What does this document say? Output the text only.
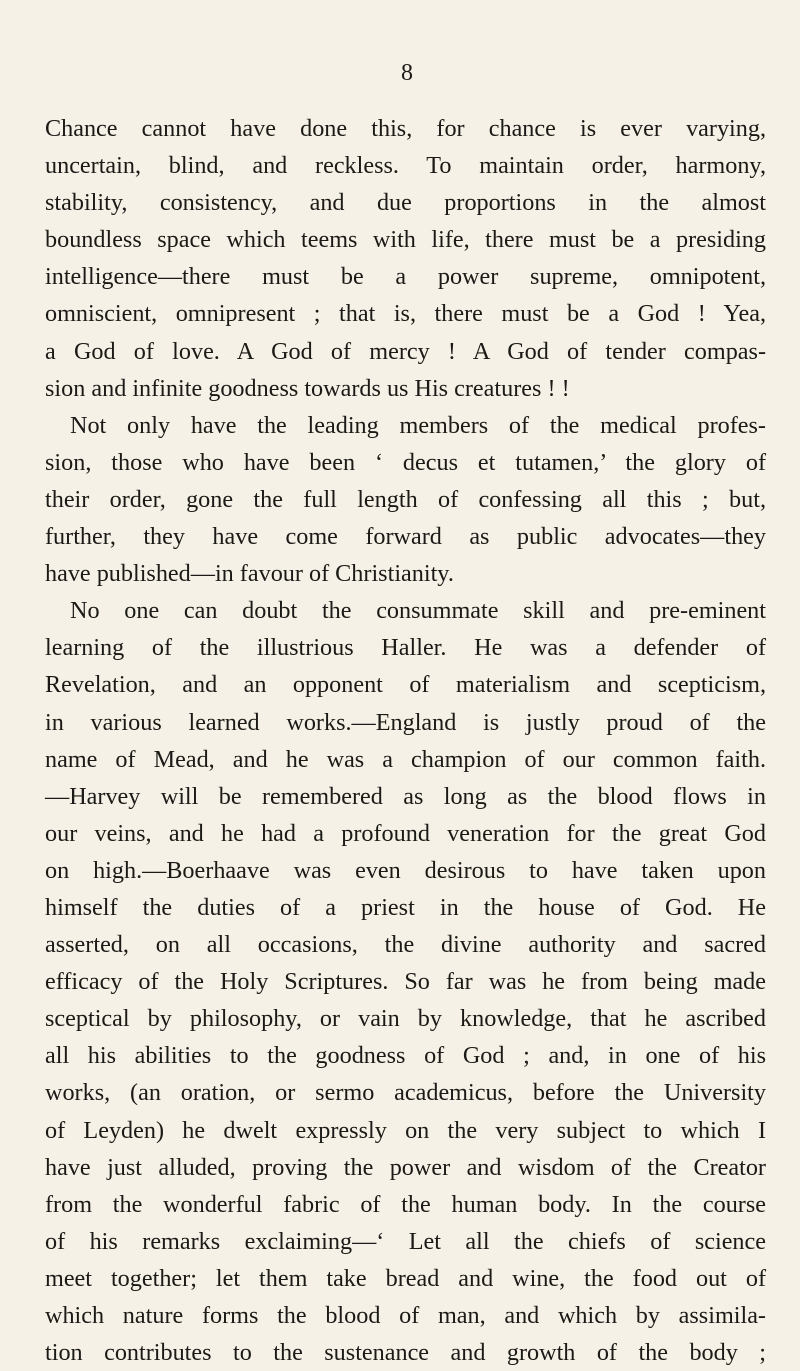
8
Chance cannot have done this, for chance is ever varying,
uncertain, blind, and reckless. To maintain order, harmony,
stability, consistency, and due proportions in the almost
boundless space which teems with life, there must be a presiding
intelligence—there must be a power supreme, omnipotent,
omniscient, omnipresent ; that is, there must be a God ! Yea,
a God of love. A God of mercy ! A God of tender compas-
sion and infinite goodness towards us His creatures ! !
Not only have the leading members of the medical profes-
sion, those who have been ‘ decus et tutamen,’ the glory of
their order, gone the full length of confessing all this ; but,
further, they have come forward as public advocates—they
have published—in favour of Christianity.
No one can doubt the consummate skill and pre-eminent
learning of the illustrious Haller. He was a defender of
Revelation, and an opponent of materialism and scepticism,
in various learned works.—England is justly proud of the
name of Mead, and he was a champion of our common faith.
—Harvey will be remembered as long as the blood flows in
our veins, and he had a profound veneration for the great God
on high.—Boerhaave was even desirous to have taken upon
himself the duties of a priest in the house of God. He
asserted, on all occasions, the divine authority and sacred
efficacy of the Holy Scriptures. So far was he from being made
sceptical by philosophy, or vain by knowledge, that he ascribed
all his abilities to the goodness of God ; and, in one of his
works, (an oration, or sermo academicus, before the University
of Leyden) he dwelt expressly on the very subject to which I
have just alluded, proving the power and wisdom of the Creator
from the wonderful fabric of the human body. In the course
of his remarks exclaiming—‘ Let all the chiefs of science
meet together; let them take bread and wine, the food out of
which nature forms the blood of man, and which by assimila-
tion contributes to the sustenance and growth of the body ;
